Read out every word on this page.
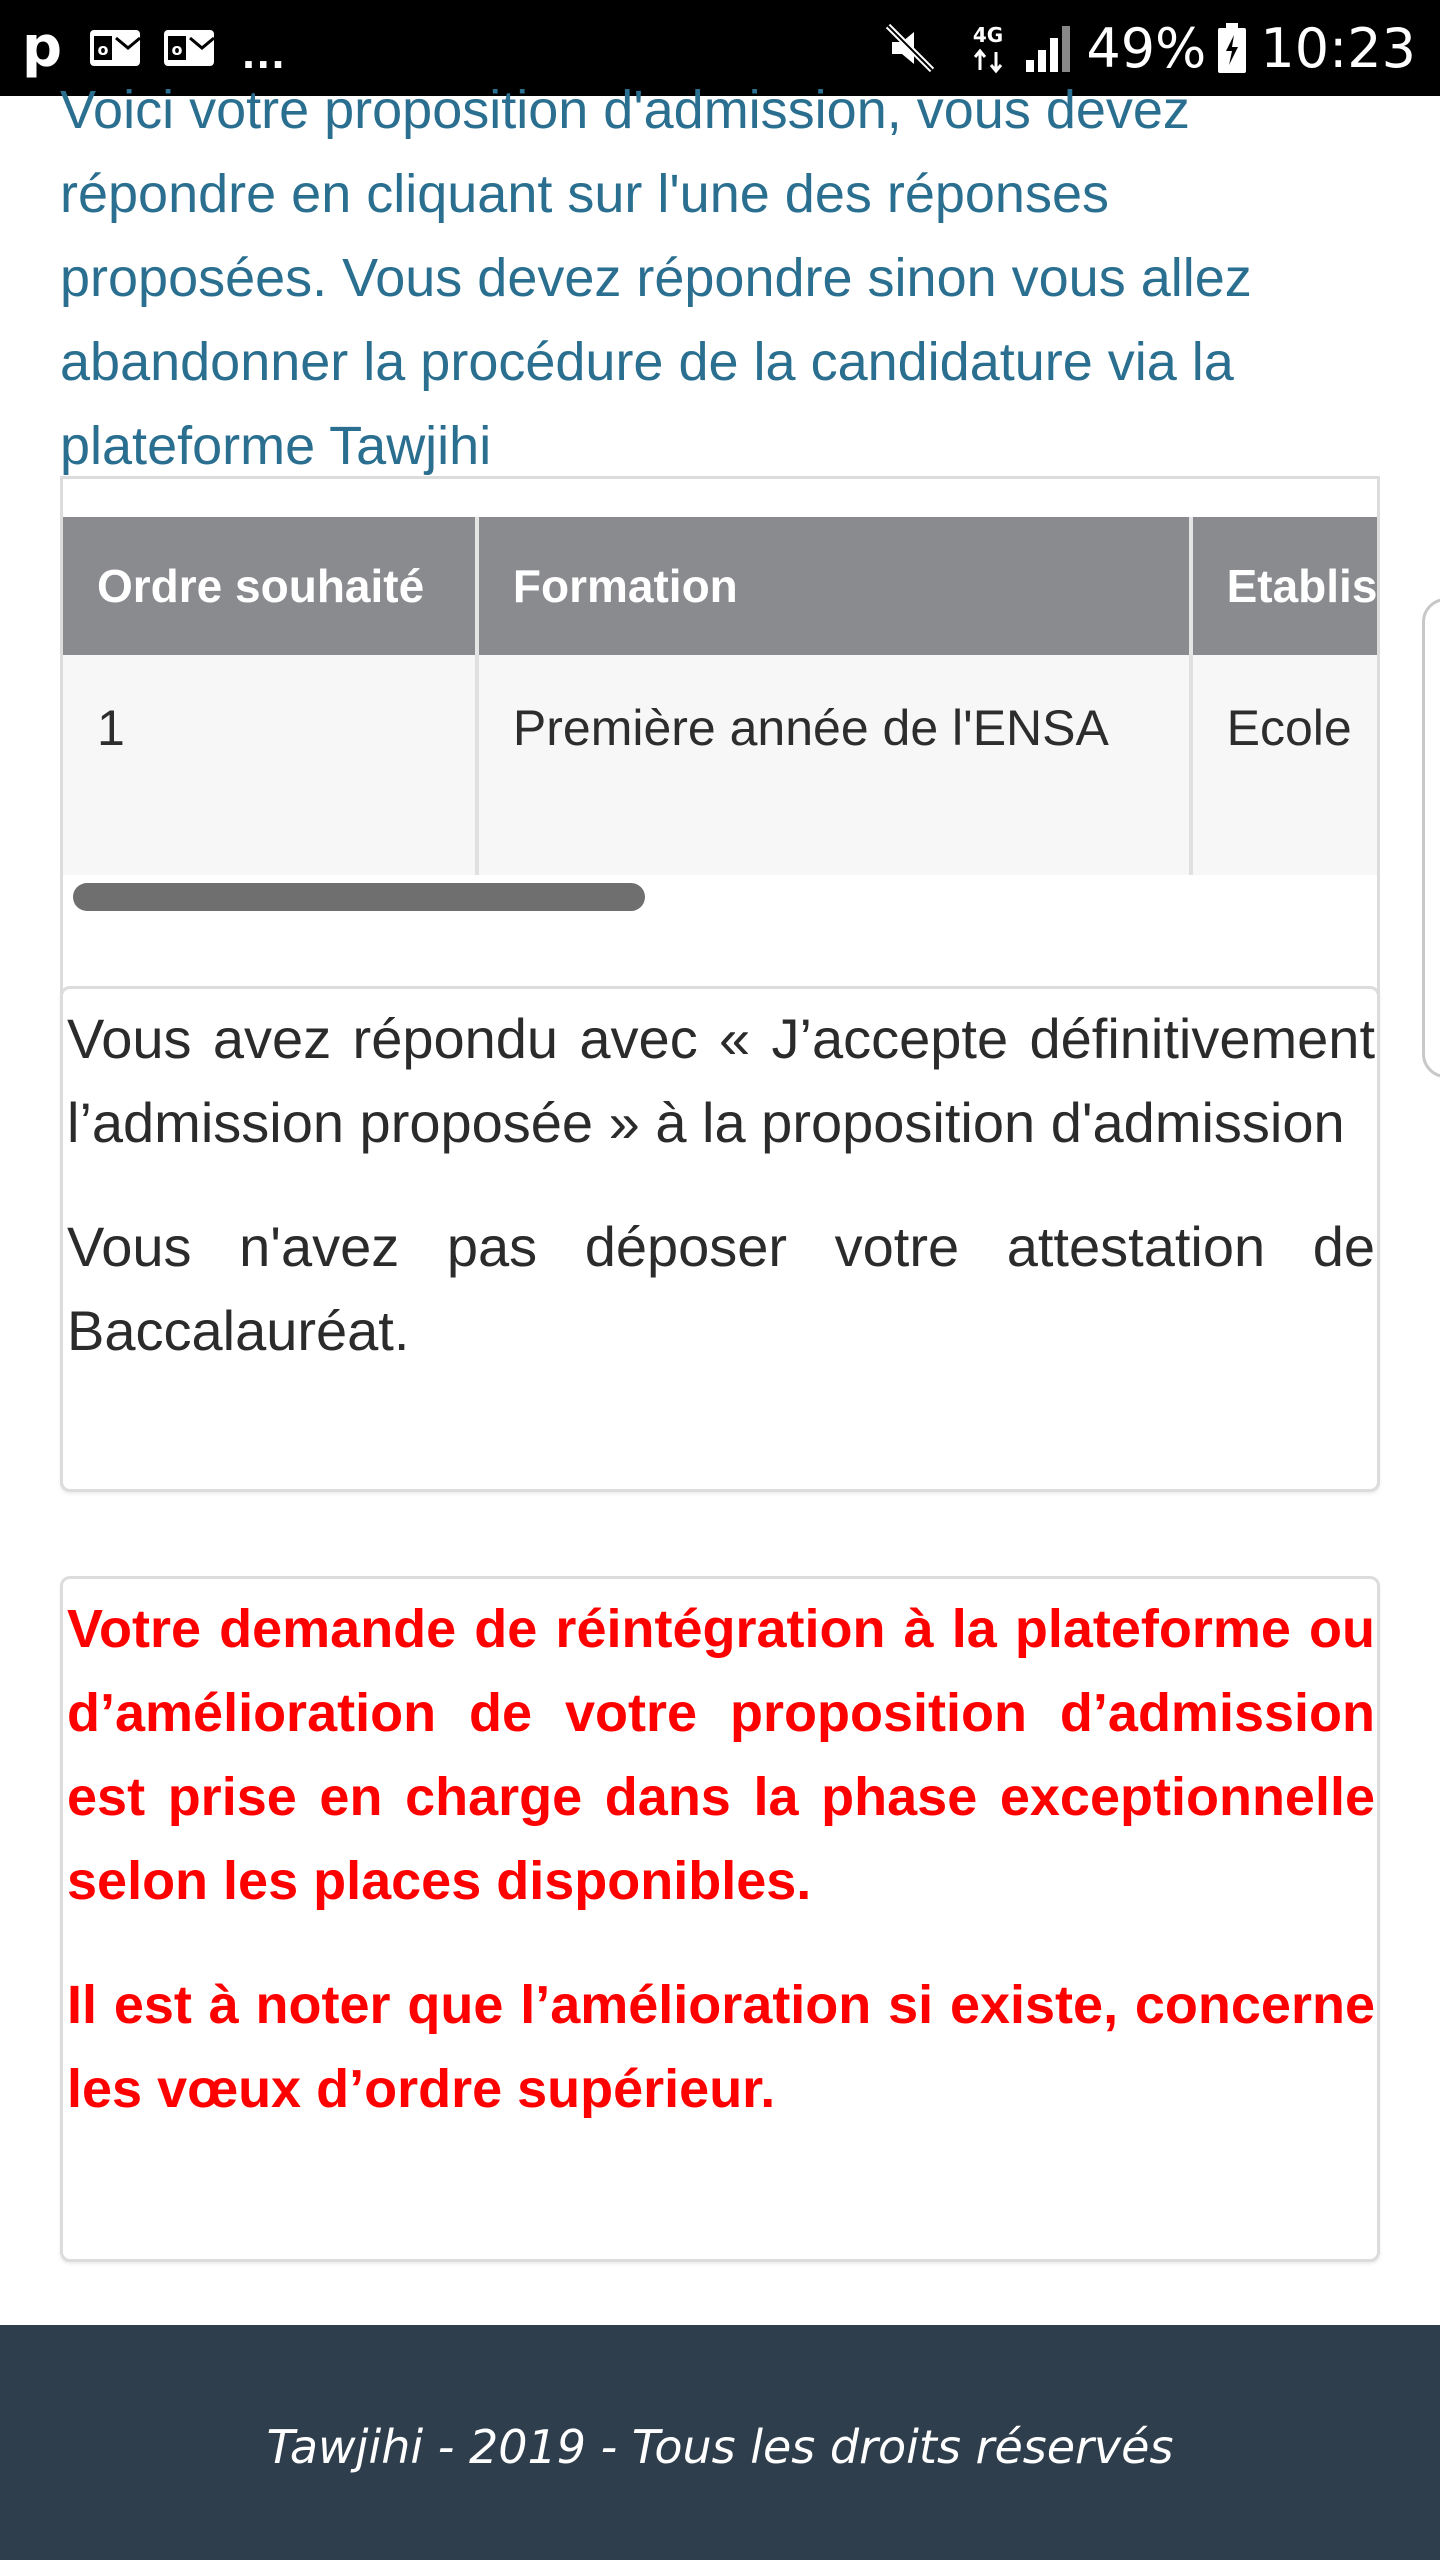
p o	o ...	4G 49% 10:23

Voici votre proposition d'admission, vous devez répondre en cliquant sur l'une des réponses proposées. Vous devez répondre sinon vous allez abandonner la procédure de la candidature via la plateforme Tawjihi

Ordre souhaité	Formation	Etablis
1	Première année de l'ENSA	Ecole

Vous avez répondu avec « J’accepte définitivement l’admission proposée » à la proposition d'admission

Vous n'avez pas déposer votre attestation de Baccalauréat.

Votre demande de réintégration à la plateforme ou d’amélioration de votre proposition d’admission est prise en charge dans la phase exceptionnelle selon les places disponibles.

Il est à noter que l’amélioration si existe, concerne les vœux d’ordre supérieur.

Tawjihi - 2019 - Tous les droits réservés
